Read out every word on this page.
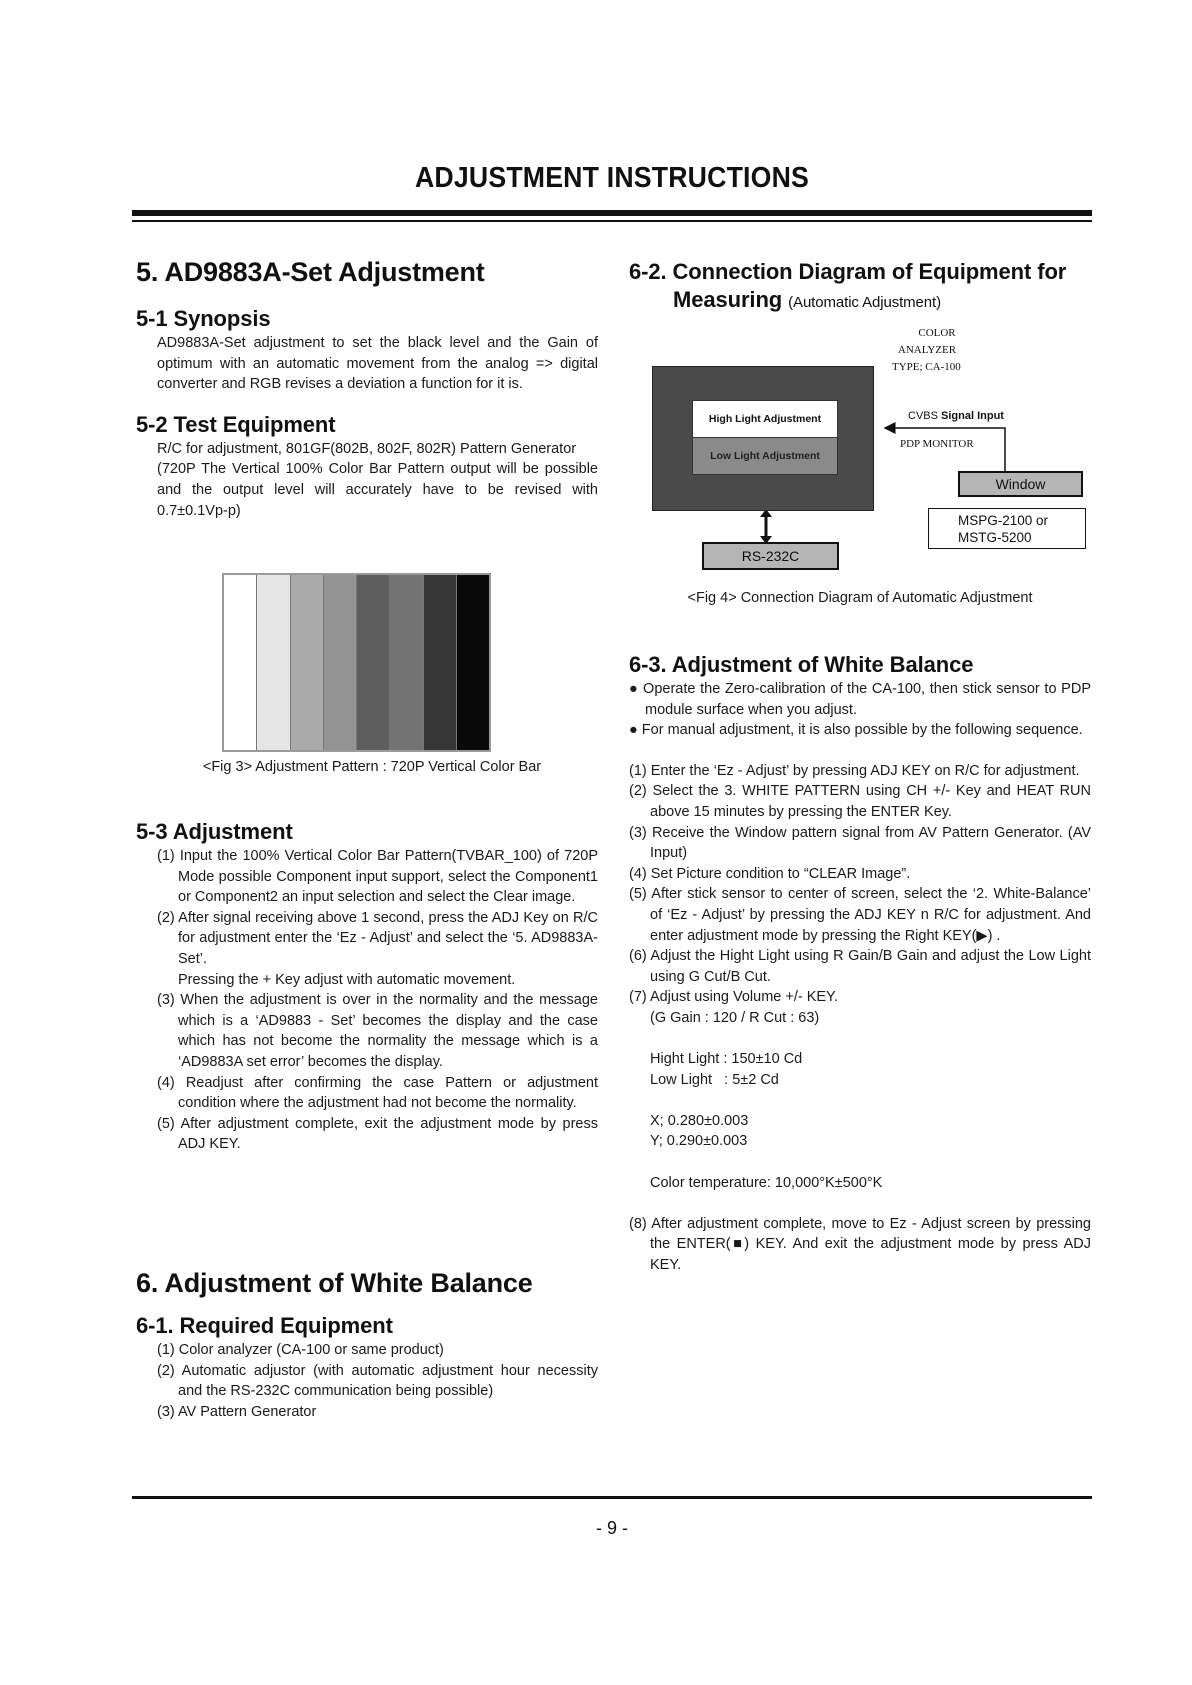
ADJUSTMENT INSTRUCTIONS
5. AD9883A-Set Adjustment
5-1 Synopsis

AD9883A-Set adjustment to set the black level and the Gain of optimum with an automatic movement from the analog => digital converter and RGB revises a deviation a function for it is.

5-2 Test Equipment

R/C for adjustment, 801GF(802B, 802F, 802R) Pattern Generator

(720P The Vertical 100% Color Bar Pattern output will be possible and the output level will accurately have to be revised with 0.7±0.1Vp-p)

<Fig 3> Adjustment Pattern : 720P Vertical Color Bar
5-3 Adjustment

(1) Input the 100% Vertical Color Bar Pattern(TVBAR_100) of 720P Mode possible Component input support, select the Component1 or Component2 an input selection and select the Clear image.

(2) After signal receiving above 1 second, press the ADJ Key on R/C for adjustment enter the ‘Ez - Adjust’ and select the ‘5. AD9883A-Set’.

Pressing the + Key adjust with automatic movement.

(3) When the adjustment is over in the normality and the message which is a ‘AD9883 - Set’ becomes the display and the case which has not become the normality the message which is a ‘AD9883A set error’ becomes the display.

(4) Readjust after confirming the case Pattern or adjustment condition where the adjustment had not become the normality.

(5) After adjustment complete, exit the adjustment mode by press ADJ KEY.

6. Adjustment of White Balance
6-1. Required Equipment

(1) Color analyzer (CA-100 or same product)

(2) Automatic adjustor (with automatic adjustment hour necessity and the RS-232C communication being possible)

(3) AV Pattern Generator

6-2. Connection Diagram of Equipment for
Measuring (Automatic Adjustment)
COLOR
ANALYZER
TYPE; CA-100
High Light Adjustment
Low Light Adjustment
CVBS Signal Input
PDP MONITOR
Window
MSPG-2100 or
MSTG-5200
RS-232C
<Fig 4> Connection Diagram of Automatic Adjustment
6-3. Adjustment of White Balance

● Operate the Zero-calibration of the CA-100, then stick sensor to PDP module surface when you adjust.

● For manual adjustment, it is also possible by the following sequence.

(1) Enter the ‘Ez - Adjust’ by pressing ADJ KEY on R/C for adjustment.

(2) Select the 3. WHITE PATTERN using CH +/- Key and HEAT RUN above 15 minutes by pressing the ENTER Key.

(3) Receive the Window pattern signal from AV Pattern Generator. (AV Input)

(4) Set Picture condition to “CLEAR Image”.

(5) After stick sensor to center of screen, select the ‘2. White-Balance’ of ‘Ez - Adjust’ by pressing the ADJ KEY n R/C for adjustment. And enter adjustment mode by pressing the Right KEY(▶) .

(6) Adjust the Hight Light using R Gain/B Gain and adjust the Low Light using G Cut/B Cut.

(7) Adjust using Volume +/- KEY.

(G Gain : 120 / R Cut : 63)

Hight Light : 150±10 Cd

Low Light   : 5±2 Cd

X; 0.280±0.003

Y; 0.290±0.003

Color temperature: 10,000°K±500°K

(8) After adjustment complete, move to Ez - Adjust screen by pressing the ENTER(■) KEY. And exit the adjustment mode by press ADJ KEY.

- 9 -
